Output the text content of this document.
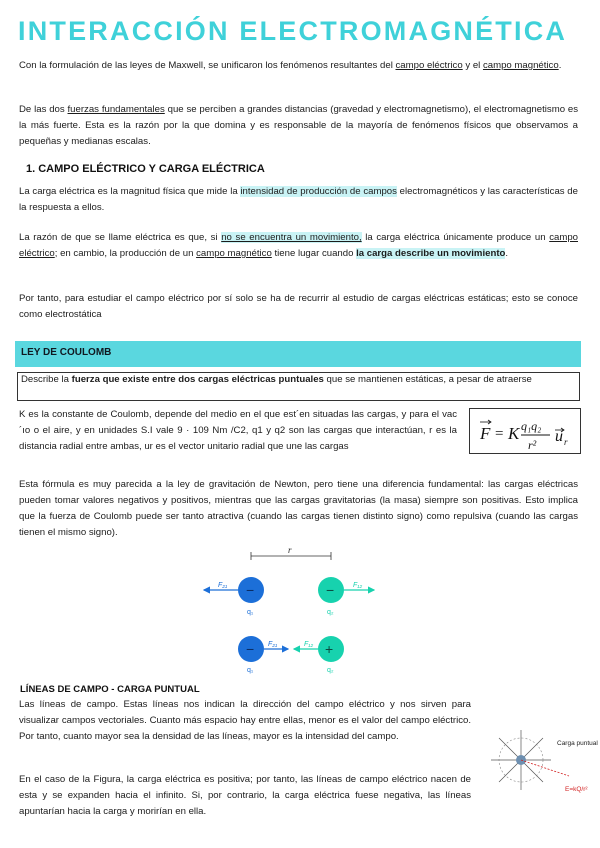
INTERACCIÓN ELECTROMAGNÉTICA
Con la formulación de las leyes de Maxwell, se unificaron los fenómenos resultantes del campo eléctrico y el campo magnético.
De las dos fuerzas fundamentales que se perciben a grandes distancias (gravedad y electromagnetismo), el electromagnetismo es la más fuerte. Esta es la razón por la que domina y es responsable de la mayoría de fenómenos físicos que observamos a pequeñas y medianas escalas.
1. CAMPO ELÉCTRICO Y CARGA ELÉCTRICA
La carga eléctrica es la magnitud física que mide la intensidad de producción de campos electromagnéticos y las características de la respuesta a ellos.
La razón de que se llame eléctrica es que, si no se encuentra un movimiento, la carga eléctrica únicamente produce un campo eléctrico; en cambio, la producción de un campo magnético tiene lugar cuando la carga describe un movimiento.
Por tanto, para estudiar el campo eléctrico por sí solo se ha de recurrir al estudio de cargas eléctricas estáticas; esto se conoce como electrostática
LEY DE COULOMB
Describe la fuerza que existe entre dos cargas eléctricas puntuales que se mantienen estáticas, a pesar de atraerse
K es la constante de Coulomb, depende del medio en el que est´en situadas las cargas, y para el vac´ıo o el aire, y en unidades S.I vale 9 · 109 Nm /C2, q1 y q2 son las cargas que interactúan, r es la distancia radial entre ambas, ur es el vector unitario radial que une las cargas
F = K q₁q₂
r² u r
Esta fórmula es muy parecida a la ley de gravitación de Newton, pero tiene una diferencia fundamental: las cargas eléctricas pueden tomar valores negativos y positivos, mientras que las cargas gravitatorias (la masa) siempre son positivas. Esto implica que la fuerza de Coulomb puede ser tanto atractiva (cuando las cargas tienen distinto signo) como repulsiva (cuando las cargas tienen el mismo signo).
r
F₂₁ −
q₁
−	F₁₂
q₂
− F₂₁
q₁
F₁₂ +
q₂
LÍNEAS DE CAMPO - CARGA PUNTUAL
Las líneas de campo. Estas líneas nos indican la dirección del campo eléctrico y nos sirven para visualizar campos vectoriales. Cuanto más espacio hay entre ellas, menor es el valor del campo eléctrico. Por tanto, cuanto mayor sea la densidad de las líneas, mayor es la intensidad del campo.
En el caso de la Figura, la carga eléctrica es positiva; por tanto, las líneas de campo eléctrico nacen de esta y se expanden hacia el infinito. Si, por contrario, la carga eléctrica fuese negativa, las líneas apuntarían hacia la carga y morirían en ella.
Carga puntual
E=kQ/r²
